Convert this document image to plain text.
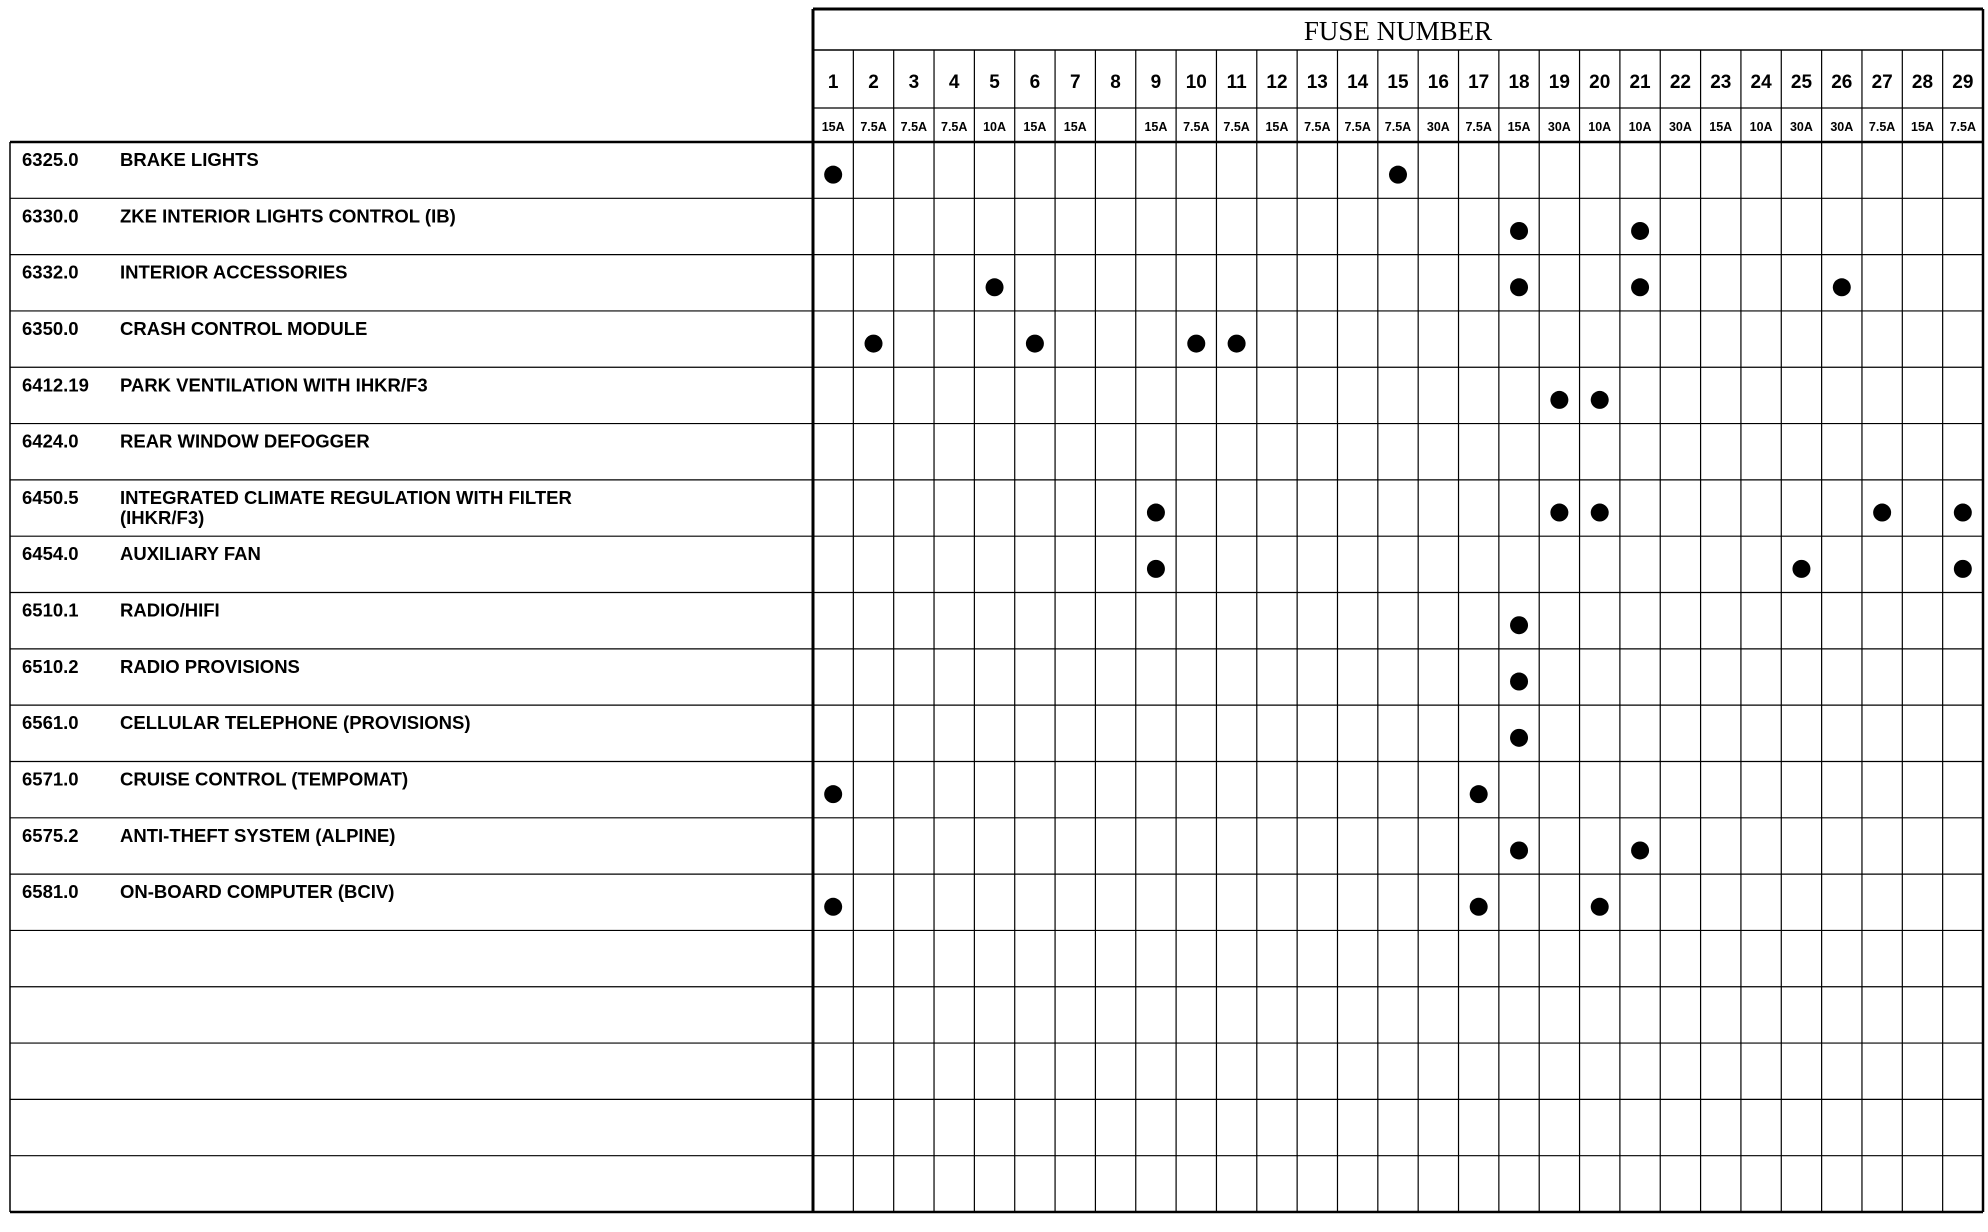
FUSE NUMBER
1
15A
2
7.5A
3
7.5A
4
7.5A
5
10A
6
15A
7
15A
8 9
15A
10
7.5A
11
7.5A
12
15A
13
7.5A
14
7.5A
15
7.5A
16
30A
17
7.5A
18
15A
19
30A
20
10A
21
10A
22
30A
23
15A
24
10A
25
30A
26
30A
27
7.5A
28
15A
29
7.5A
6325.0 BRAKE LIGHTS
6330.0 ZKE INTERIOR LIGHTS CONTROL (IB)
6332.0 INTERIOR ACCESSORIES
6350.0 CRASH CONTROL MODULE
6412.19 PARK VENTILATION WITH IHKR/F3
6424.0 REAR WINDOW DEFOGGER
6450.5 INTEGRATED CLIMATE REGULATION WITH FILTER
(IHKR/F3)
6454.0 AUXILIARY FAN
6510.1 RADIO/HIFI
6510.2 RADIO PROVISIONS
6561.0 CELLULAR TELEPHONE (PROVISIONS)
6571.0 CRUISE CONTROL (TEMPOMAT)
6575.2 ANTI-THEFT SYSTEM (ALPINE)
6581.0 ON-BOARD COMPUTER (BCIV)
